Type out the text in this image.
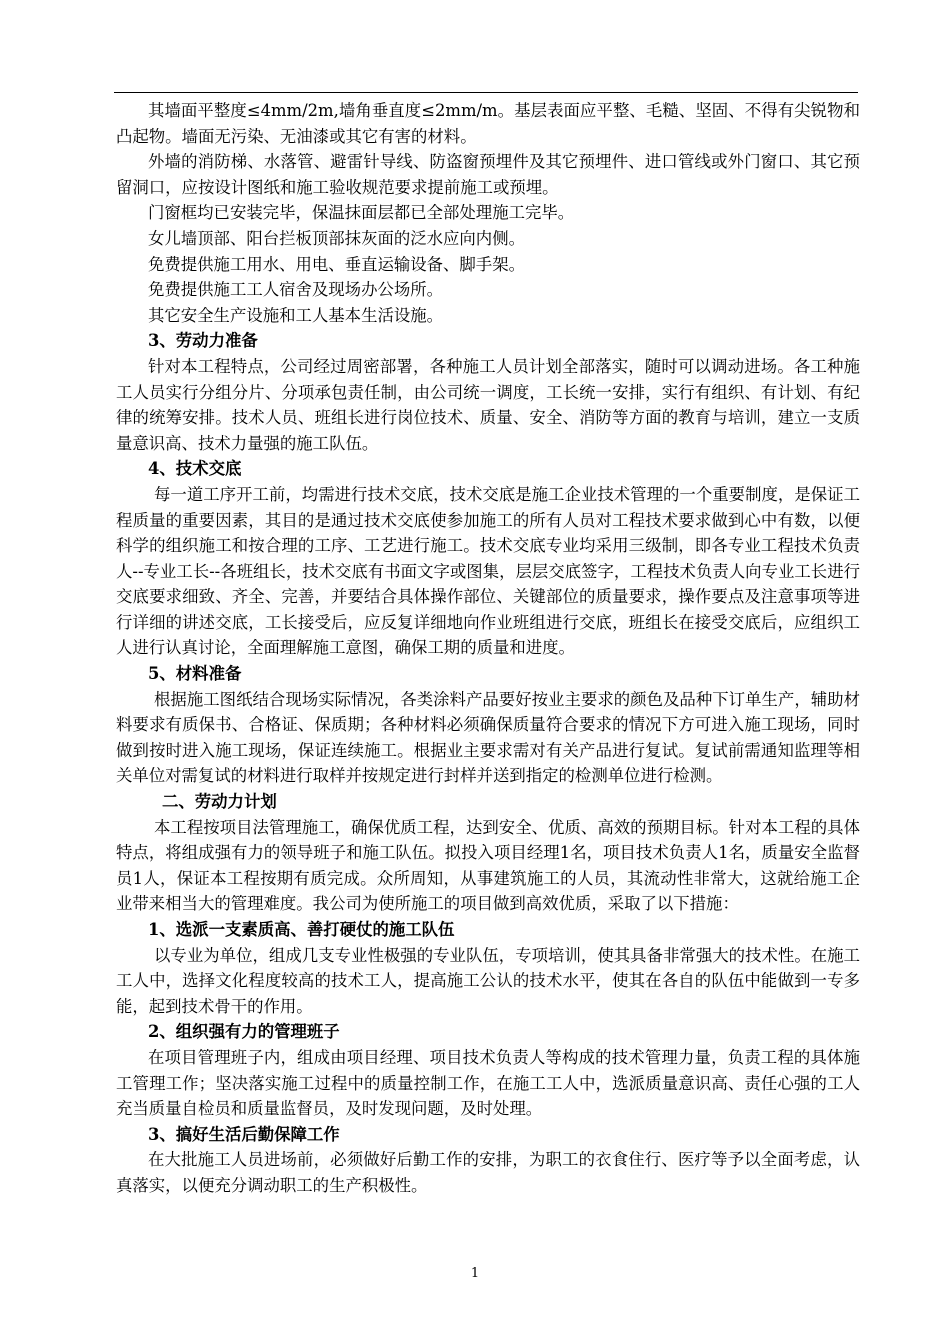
其墙面平整度≤4mm/2m,墙角垂直度≤2mm/m。基层表面应平整、毛糙、坚固、不得有尖锐物和凸起物。墙面无污染、无油漆或其它有害的材料。

外墙的消防梯、水落管、避雷针导线、防盗窗预埋件及其它预埋件、进口管线或外门窗口、其它预留洞口，应按设计图纸和施工验收规范要求提前施工或预埋。

门窗框均已安装完毕，保温抹面层都已全部处理施工完毕。

女儿墙顶部、阳台拦板顶部抹灰面的泛水应向内侧。

免费提供施工用水、用电、垂直运输设备、脚手架。

免费提供施工工人宿舍及现场办公场所。

其它安全生产设施和工人基本生活设施。

3、劳动力准备

针对本工程特点，公司经过周密部署，各种施工人员计划全部落实，随时可以调动进场。各工种施工人员实行分组分片、分项承包责任制，由公司统一调度，工长统一安排，实行有组织、有计划、有纪律的统筹安排。技术人员、班组长进行岗位技术、质量、安全、消防等方面的教育与培训，建立一支质量意识高、技术力量强的施工队伍。

4、技术交底

每一道工序开工前，均需进行技术交底，技术交底是施工企业技术管理的一个重要制度，是保证工程质量的重要因素，其目的是通过技术交底使参加施工的所有人员对工程技术要求做到心中有数，以便科学的组织施工和按合理的工序、工艺进行施工。技术交底专业均采用三级制，即各专业工程技术负责人--专业工长--各班组长，技术交底有书面文字或图集，层层交底签字，工程技术负责人向专业工长进行交底要求细致、齐全、完善，并要结合具体操作部位、关键部位的质量要求，操作要点及注意事项等进行详细的讲述交底，工长接受后，应反复详细地向作业班组进行交底，班组长在接受交底后，应组织工人进行认真讨论，全面理解施工意图，确保工期的质量和进度。

5、材料准备

根据施工图纸结合现场实际情况，各类涂料产品要好按业主要求的颜色及品种下订单生产，辅助材料要求有质保书、合格证、保质期；各种材料必须确保质量符合要求的情况下方可进入施工现场，同时做到按时进入施工现场，保证连续施工。根据业主要求需对有关产品进行复试。复试前需通知监理等相关单位对需复试的材料进行取样并按规定进行封样并送到指定的检测单位进行检测。

二、劳动力计划

本工程按项目法管理施工，确保优质工程，达到安全、优质、高效的预期目标。针对本工程的具体特点，将组成强有力的领导班子和施工队伍。拟投入项目经理1名，项目技术负责人1名，质量安全监督员1人，保证本工程按期有质完成。众所周知，从事建筑施工的人员，其流动性非常大，这就给施工企业带来相当大的管理难度。我公司为使所施工的项目做到高效优质，采取了以下措施：

1、选派一支素质高、善打硬仗的施工队伍

以专业为单位，组成几支专业性极强的专业队伍，专项培训，使其具备非常强大的技术性。在施工工人中，选择文化程度较高的技术工人，提高施工公认的技术水平，使其在各自的队伍中能做到一专多能，起到技术骨干的作用。

2、组织强有力的管理班子

在项目管理班子内，组成由项目经理、项目技术负责人等构成的技术管理力量，负责工程的具体施工管理工作；坚决落实施工过程中的质量控制工作，在施工工人中，选派质量意识高、责任心强的工人充当质量自检员和质量监督员，及时发现问题，及时处理。

3、搞好生活后勤保障工作

在大批施工人员进场前，必须做好后勤工作的安排，为职工的衣食住行、医疗等予以全面考虑，认真落实，以便充分调动职工的生产积极性。

1
